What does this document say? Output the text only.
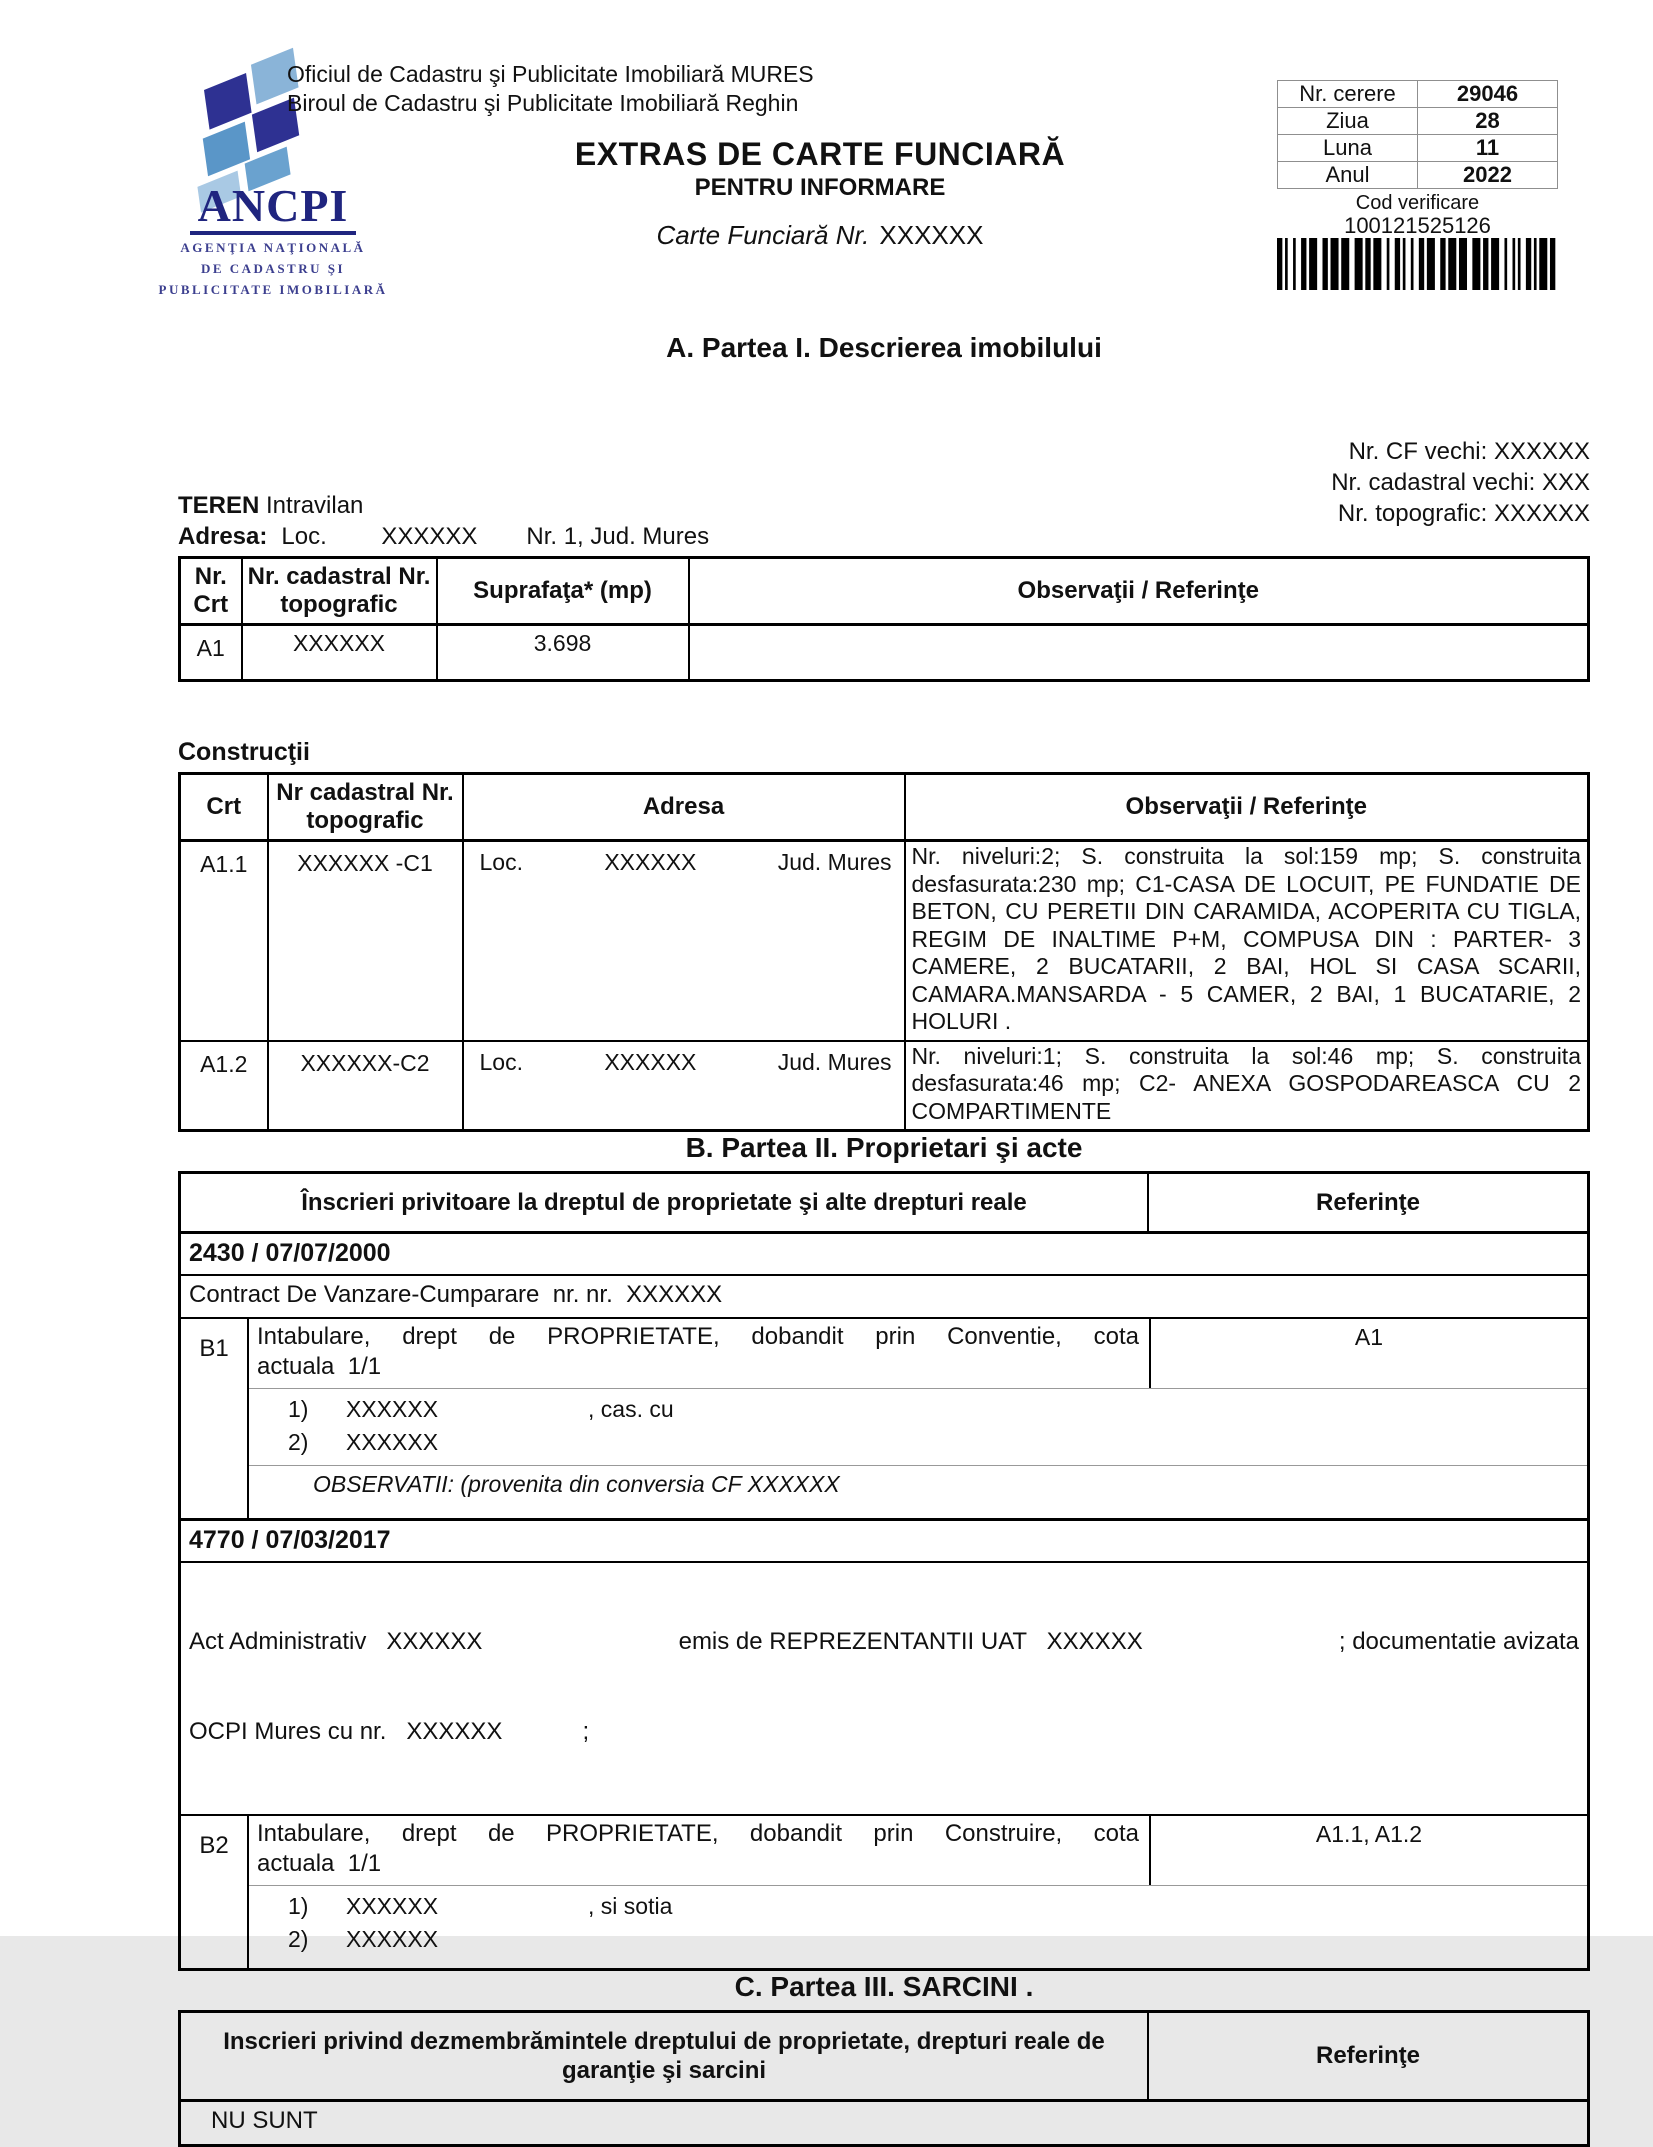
ANCPI
AGENŢIA NAŢIONALĂ
DE CADASTRU ŞI
PUBLICITATE IMOBILIARĂ
Oficiul de Cadastru şi Publicitate Imobiliară MURES
Biroul de Cadastru şi Publicitate Imobiliară Reghin
EXTRAS DE CARTE FUNCIARĂ
PENTRU INFORMARE
Carte Funciară Nr. XXXXXX
Nr. cerere	29046
Ziua	28
Luna	11
Anul	2022
Cod verificare
100121525126
A. Partea I. Descrierea imobilului
Nr. CF vechi: XXXXXX
Nr. cadastral vechi: XXX
Nr. topografic: XXXXXX
TEREN Intravilan
Adresa: Loc. XXXXXX Nr. 1, Jud. Mures
Nr. Crt	Nr. cadastral Nr. topografic	Suprafaţa* (mp)	Observaţii / Referinţe
A1	XXXXXX	3.698	
Construcţii
Crt	Nr cadastral Nr. topografic	Adresa	Observaţii / Referinţe
A1.1	XXXXXX -C1	Loc.	XXXXXX	Jud. Mures	Nr. niveluri:2; S. construita la sol:159 mp; S. construita desfasurata:230 mp; C1-CASA DE LOCUIT, PE FUNDATIE DE BETON, CU PERETII DIN CARAMIDA, ACOPERITA CU TIGLA, REGIM DE INALTIME P+M, COMPUSA DIN : PARTER- 3 CAMERE, 2 BUCATARII, 2 BAI, HOL SI CASA SCARII, CAMARA.MANSARDA - 5 CAMER, 2 BAI, 1 BUCATARIE, 2 HOLURI .
A1.2	XXXXXX-C2	Loc. XXXXXX Jud. Mures	Nr. niveluri:1; S. construita la sol:46 mp; S. construita desfasurata:46 mp; C2- ANEXA GOSPODAREASCA CU 2 COMPARTIMENTE
B. Partea II. Proprietari şi acte
Înscrieri privitoare la dreptul de proprietate şi alte drepturi reale	Referinţe
2430 / 07/07/2000
Contract De Vanzare-Cumparare  nr. nr.  XXXXXX
B1	Intabulare, drept de PROPRIETATE, dobandit prin Conventie, cota
actuala  1/1
A1
1) XXXXXX	, cas. cu
2) XXXXXX
OBSERVATII: (provenita din conversia CF XXXXXX
4770 / 07/03/2017

Act Administrativ   XXXXXX	emis de REPREZENTANTII UAT   XXXXXX	; documentatie avizata

OCPI Mures cu nr.   XXXXXX            ;

B2	Intabulare, drept de PROPRIETATE, dobandit prin Construire, cota
actuala  1/1
A1.1, A1.2
1) XXXXXX	, si sotia
2) XXXXXX
C. Partea III. SARCINI .
Inscrieri privind dezmembrămintele dreptului de proprietate, drepturi reale de garanţie şi sarcini
Referinţe
NU SUNT
